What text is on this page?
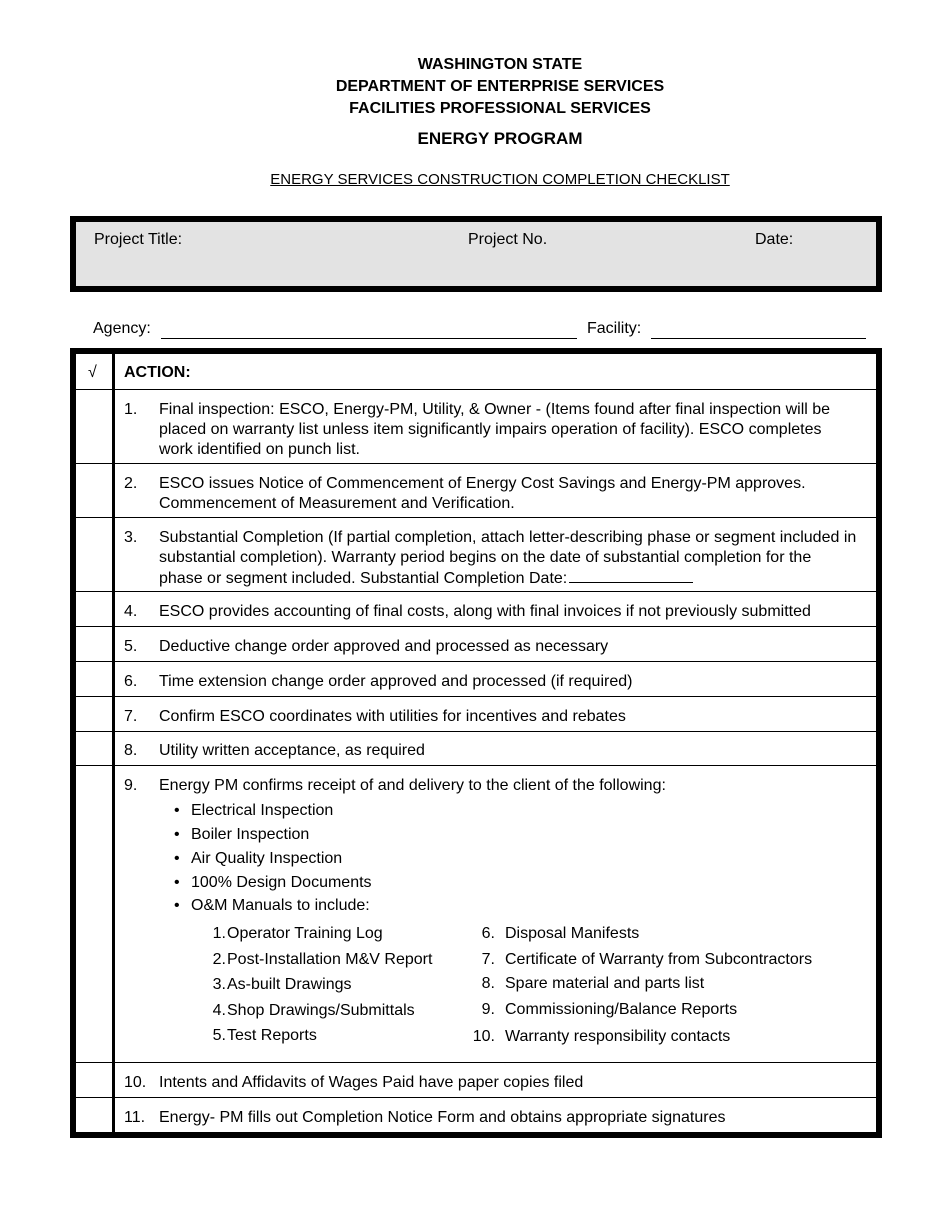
WASHINGTON STATE
DEPARTMENT OF ENTERPRISE SERVICES
FACILITIES PROFESSIONAL SERVICES
ENERGY PROGRAM
ENERGY SERVICES CONSTRUCTION COMPLETION CHECKLIST
Project Title:	Project No.	Date:
Agency:	Facility:
√ ACTION:
1. Final inspection: ESCO, Energy-PM, Utility, & Owner - (Items found after final inspection will be placed on warranty list unless item significantly impairs operation of facility). ESCO completes work identified on punch list.
2. ESCO issues Notice of Commencement of Energy Cost Savings and Energy-PM approves. Commencement of Measurement and Verification.
3. Substantial Completion (If partial completion, attach letter-describing phase or segment included in substantial completion). Warranty period begins on the date of substantial completion for the phase or segment included. Substantial Completion Date:
4. ESCO provides accounting of final costs, along with final invoices if not previously submitted
5. Deductive change order approved and processed as necessary
6. Time extension change order approved and processed (if required)
7. Confirm ESCO coordinates with utilities for incentives and rebates
8. Utility written acceptance, as required
9. Energy PM confirms receipt of and delivery to the client of the following:
• Electrical Inspection
• Boiler Inspection
• Air Quality Inspection
• 100% Design Documents
• O&M Manuals to include:
1. Operator Training Log
2. Post-Installation M&V Report
3. As-built Drawings
4. Shop Drawings/Submittals
5. Test Reports
6. Disposal Manifests
7. Certificate of Warranty from Subcontractors
8. Spare material and parts list
9. Commissioning/Balance Reports
10. Warranty responsibility contacts
10. Intents and Affidavits of Wages Paid have paper copies filed
11. Energy- PM fills out Completion Notice Form and obtains appropriate signatures
